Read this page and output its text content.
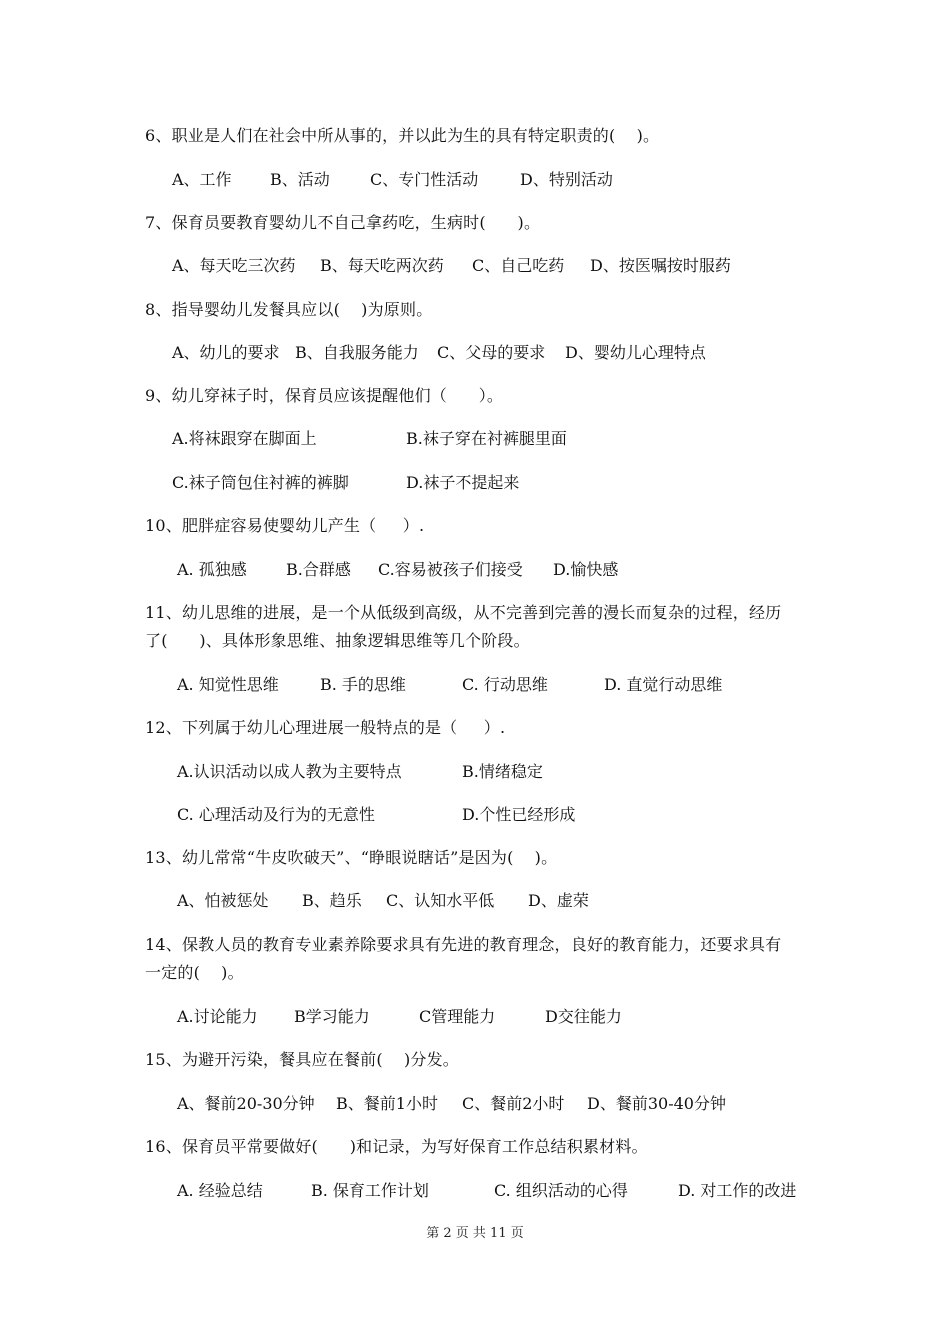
6、职业是人们在社会中所从事的，并以此为生的具有特定职责的(    )。
A、工作 B、活动	C、专门性活动	D、特别活动
7、保育员要教育婴幼儿不自己拿药吃，生病时(      )。
A、每天吃三次药 B、每天吃两次药 C、自己吃药 D、按医嘱按时服药
8、指导婴幼儿发餐具应以(    )为原则。
A、幼儿的要求 B、自我服务能力 C、父母的要求 D、婴幼儿心理特点
9、幼儿穿袜子时，保育员应该提醒他们（      ）。
A.将袜跟穿在脚面上	B.袜子穿在衬裤腿里面
C.袜子筒包住衬裤的裤脚	D.袜子不提起来
10、肥胖症容易使婴幼儿产生（     ）.
A. 孤独感 B.合群感 C.容易被孩子们接受 D.愉快感
11、幼儿思维的进展，是一个从低级到高级，从不完善到完善的漫长而复杂的过程，经历
了(      )、具体形象思维、抽象逻辑思维等几个阶段。
A. 知觉性思维	B. 手的思维	C. 行动思维	D. 直觉行动思维
12、下列属于幼儿心理进展一般特点的是（     ）.
A.认识活动以成人教为主要特点	B.情绪稳定
C. 心理活动及行为的无意性	D.个性已经形成
13、幼儿常常“牛皮吹破天”、“睁眼说瞎话”是因为(    )。
A、怕被惩处 B、趋乐 C、认知水平低 D、虚荣
14、保教人员的教育专业素养除要求具有先进的教育理念，良好的教育能力，还要求具有
一定的(    )。
A.讨论能力 B学习能力	C管理能力	D交往能力
15、为避开污染，餐具应在餐前(    )分发。
A、餐前20-30分钟 B、餐前1小时 C、餐前2小时 D、餐前30-40分钟
16、保育员平常要做好(      )和记录，为写好保育工作总结积累材料。
A. 经验总结	B. 保育工作计划	C. 组织活动的心得	D. 对工作的改进
第 2 页 共 11 页
